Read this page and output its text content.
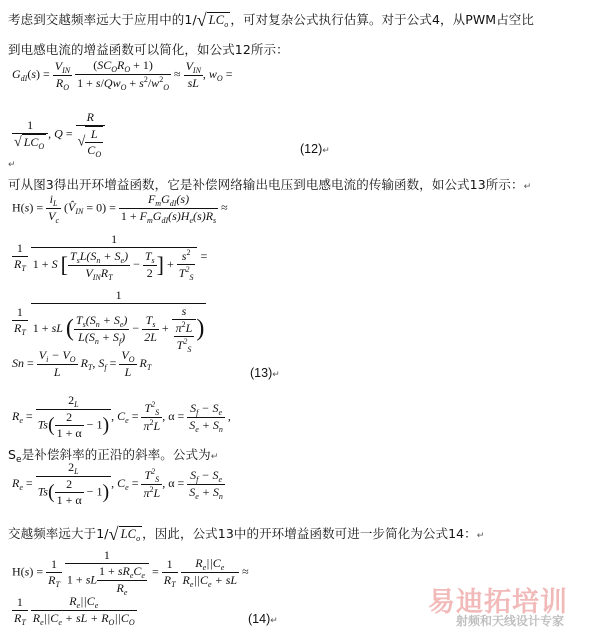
考虑到交越频率远大于应用中的1/√ $LC_o$ ，可对复杂公式执行估算。对于公式4，从PWM占空比
到电感电流的增益函数可以简化，如公式12所示：
$G_{dI}(s) = \frac{V_{IN}}{R_O}$
$\frac{(SC_OR_O + 1)}{1 + s/Qw_O + s^2/w^2_O} \approx \frac{V_{IN}}{sL}$ , $w_O$ =
$\frac{1}{√ LC_O}$ , $Q = \frac{R}{√ \frac{L}{C_O}}$	(12)↵
↵
可从图3得出开环增益函数，它是补偿网络输出电压到电感电流的传输函数，如公式13所示：↵
$H(s) = \frac{i_L}{V_c}$ $(V̂_{IN} = 0) = \frac{F_mG_{dI}(s)}{1 + F_mG_{dI}(s)H_e(s)R_s}$ ≈
$\frac{1}{R_T}$
$\frac{1}{1 + S [ \frac{T_sL(S_n + S_e)}{V_{IN}R_T} - \frac{T_s}{2} ] + \frac{s^2}{T^2_S}}$ =
$\frac{1}{R_T}$
$\frac{1}{1 + sL ( \frac{T_s(S_n + S_e)}{L(S_n + S_f)} - \frac{T_s}{2L} + \frac{s}{\frac{\pi^2L}{T^2_S}} )}$
$Sn = \frac{V_i - V_O}{L} R_T$, $S_f = \frac{V_O}{L} R_T$	(13)↵
$R_e = \frac{2_L}{Ts( \frac{2}{1 + \alpha} - 1)}$ , $C_e = \frac{T^2_S}{\pi^2L}$ , $\alpha = \frac{S_f - S_e}{S_e + S_n}$ ,
$S_e$是补偿斜率的正沿的斜率。公式为↵
$R_e = \frac{2_L}{Ts( \frac{2}{1 + \alpha} - 1)}$ , $C_e = \frac{T^2_S}{\pi^2L}$ , $\alpha = \frac{S_f - S_e}{S_e + S_n}$
交越频率远大于1/√ $LC_o$ ，因此，公式13中的开环增益函数可进一步简化为公式14：↵
$H(s) = \frac{1}{R_T}$
$\frac{1}{1 + sL \frac{1 + sR_eC_e}{R_e}} = \frac{1}{R_T}$
$\frac{R_e||C_e}{R_e||C_e + sL}$ ≈
$\frac{1}{R_T}$
$\frac{R_e||C_e}{R_e||C_e + sL + R_O||C_O}$	(14)↵
易迪拓培训
射频和天线设计专家
